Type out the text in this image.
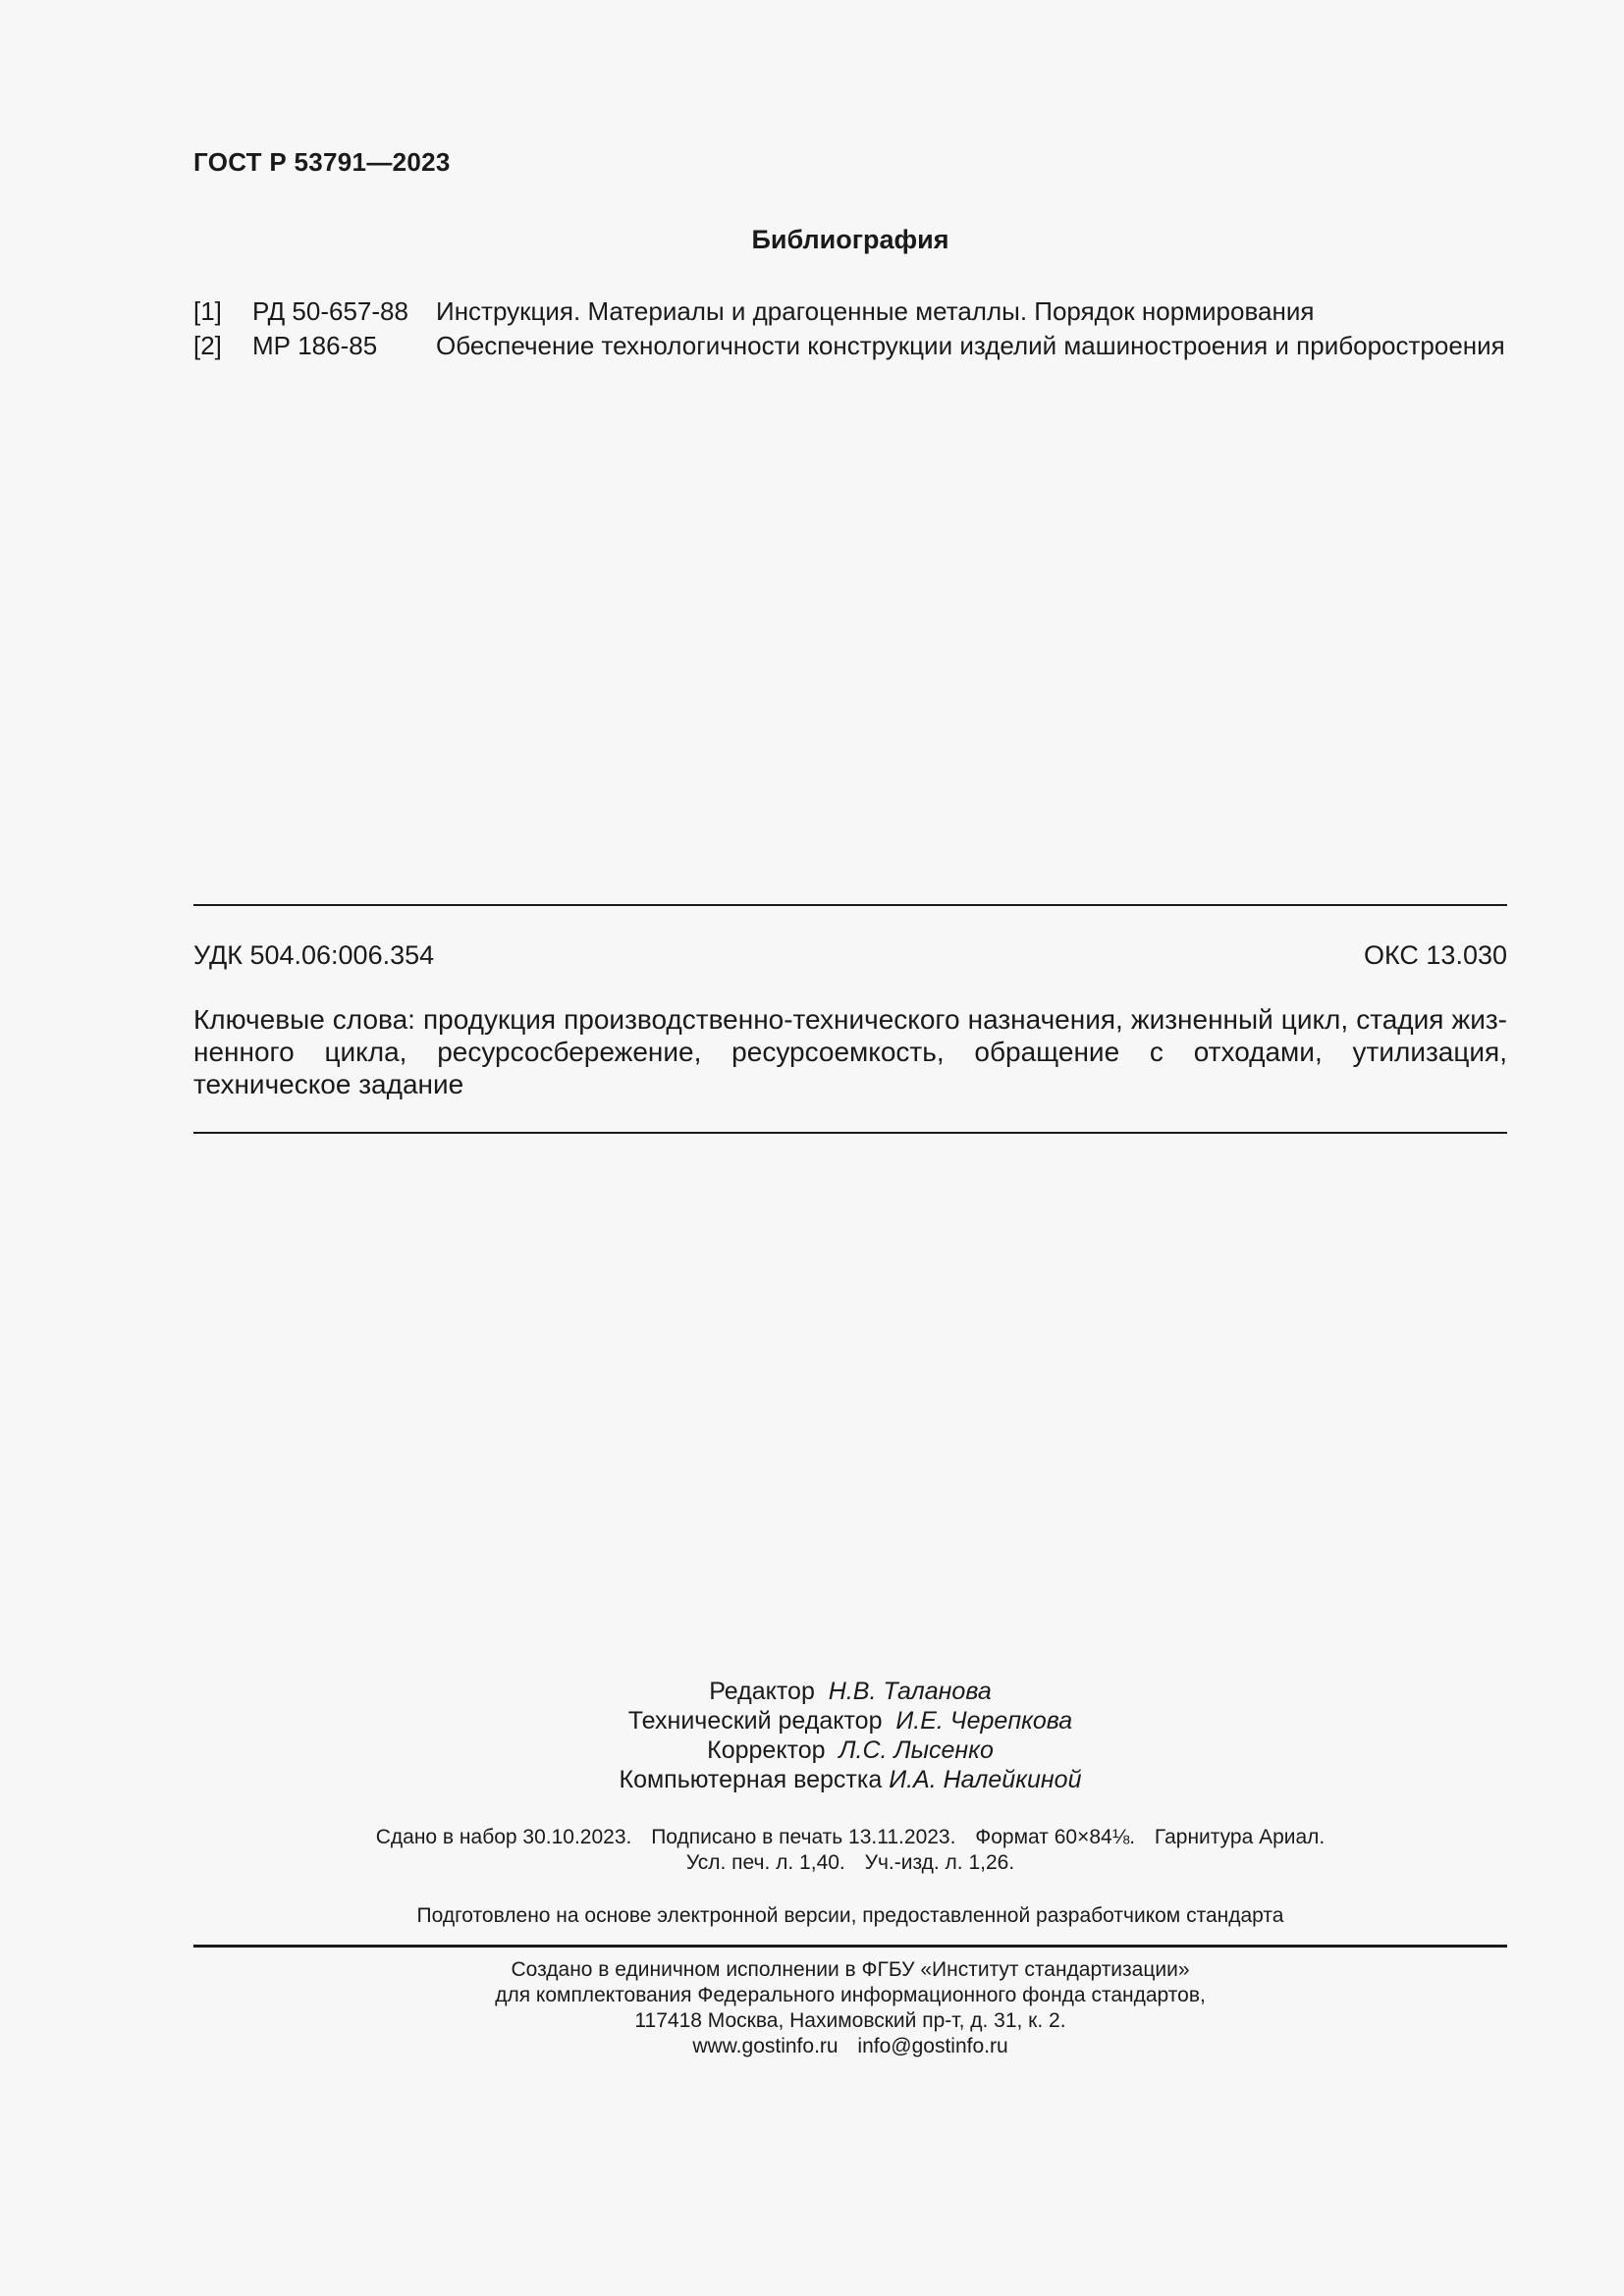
ГОСТ Р 53791—2023
Библиография
[1] РД 50-657-88 Инструкция. Материалы и драгоценные металлы. Порядок нормирования
[2] МР 186-85 Обеспечение технологичности конструкции изделий машиностроения и приборостроения
УДК 504.06:006.354	ОКС 13.030
Ключевые слова: продукция производственно-технического назначения, жизненный цикл, стадия жизненного цикла, ресурсосбережение, ресурсоемкость, обращение с отходами, утилизация, техническое задание
Редактор Н.В. Таланова
Технический редактор И.Е. Черепкова
Корректор Л.С. Лысенко
Компьютерная верстка И.А. Налейкиной
Сдано в набор 30.10.2023. Подписано в печать 13.11.2023. Формат 60×84⅛. Гарнитура Ариал.
Усл. печ. л. 1,40. Уч.-изд. л. 1,26.
Подготовлено на основе электронной версии, предоставленной разработчиком стандарта
Создано в единичном исполнении в ФГБУ «Институт стандартизации»
для комплектования Федерального информационного фонда стандартов,
117418 Москва, Нахимовский пр-т, д. 31, к. 2.
www.gostinfo.ru info@gostinfo.ru
